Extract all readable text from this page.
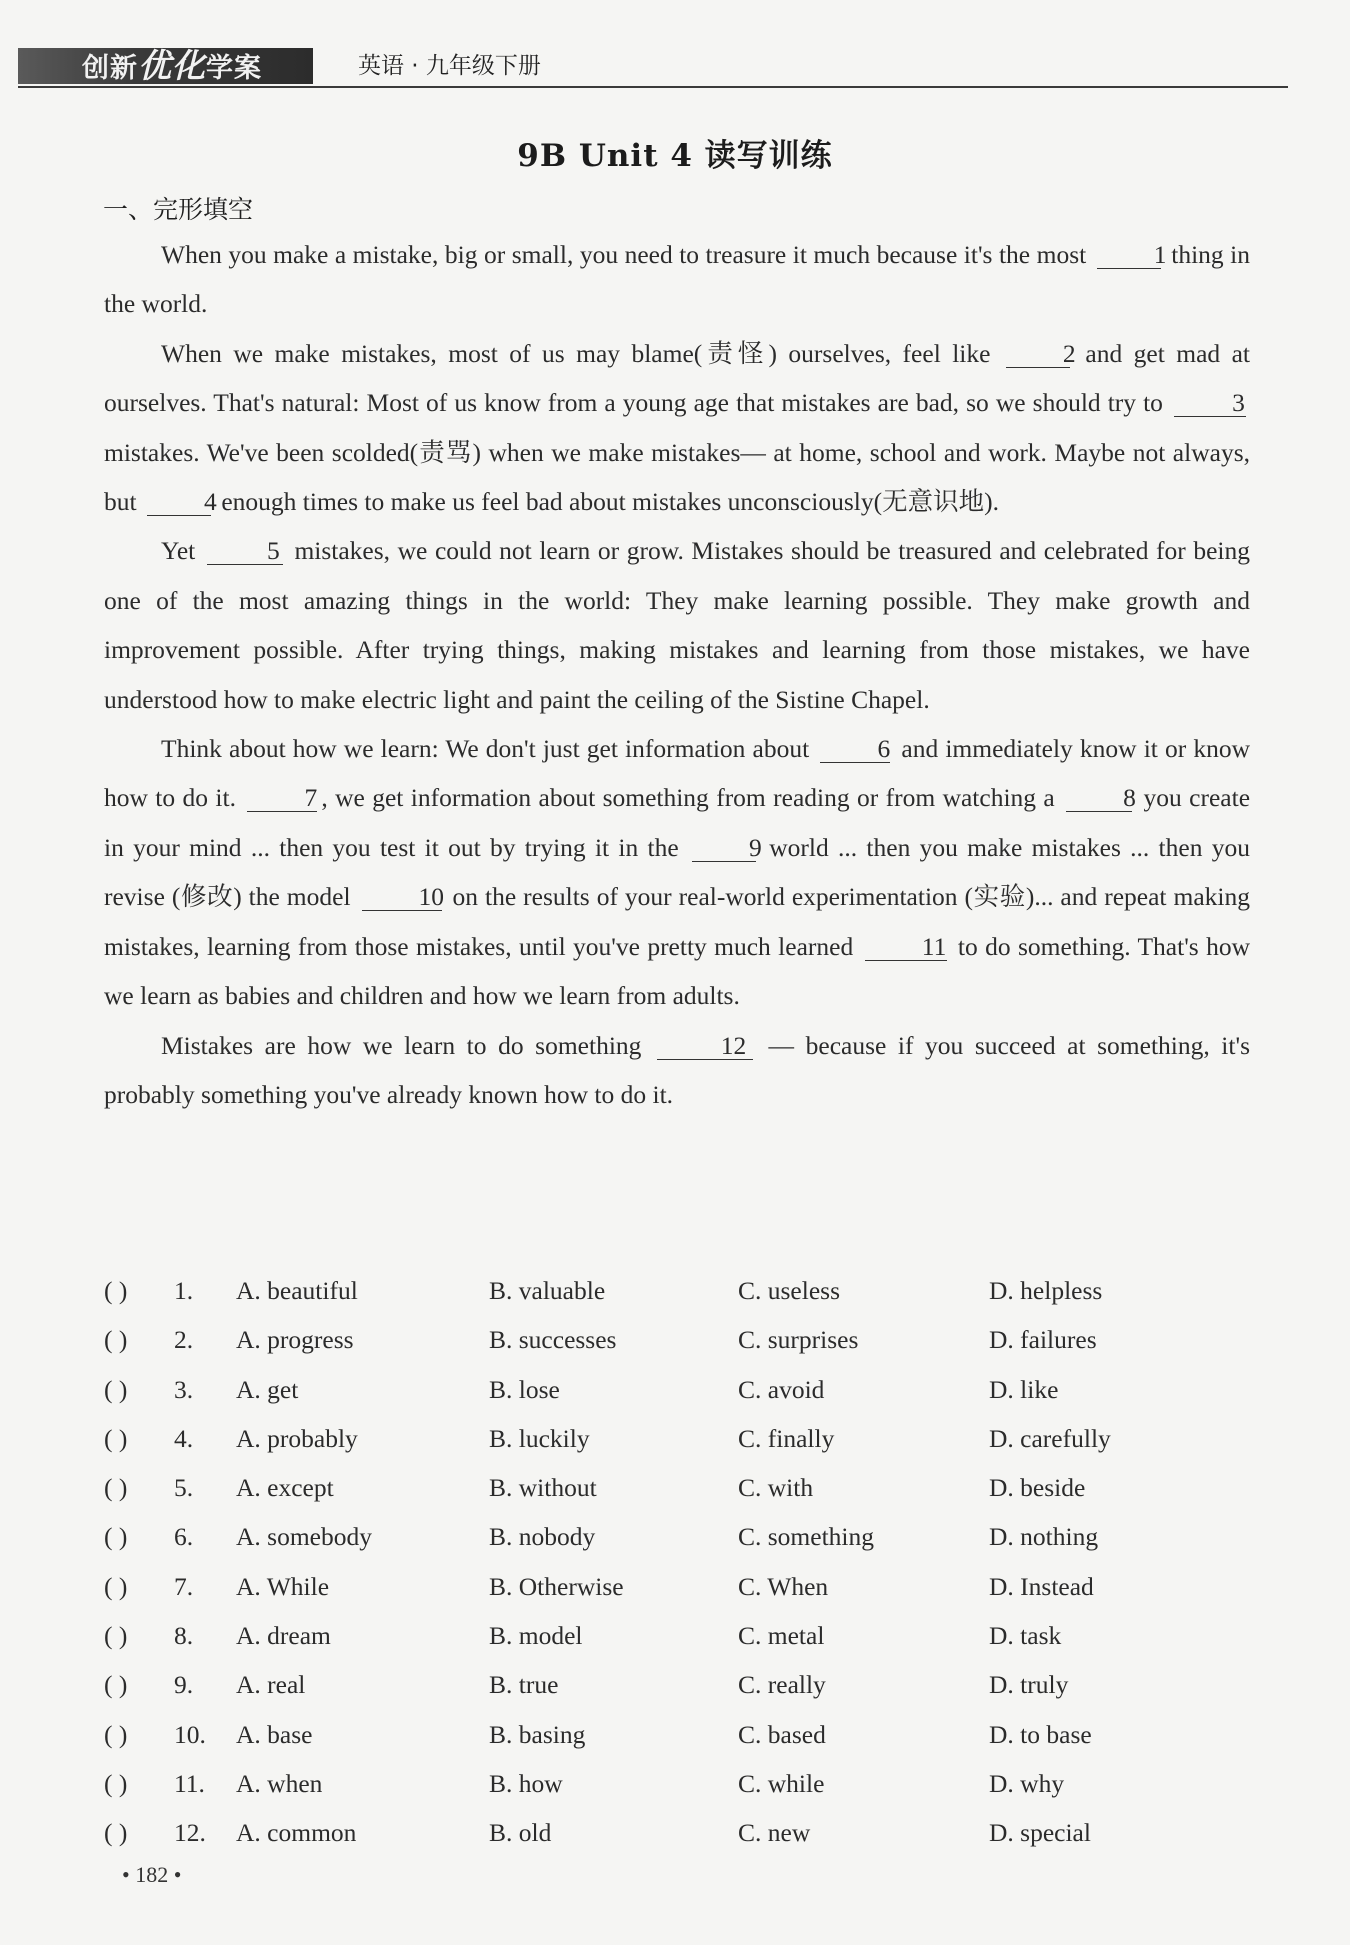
创新优化学案	英语 · 九年级下册
9B Unit 4 读写训练
一、完形填空

When you make a mistake, big or small, you need to treasure it much because it's the most 1 thing in the world.

When we make mistakes, most of us may blame(责怪) ourselves, feel like 2 and get mad at ourselves. That's natural: Most of us know from a young age that mistakes are bad, so we should try to 3 mistakes. We've been scolded(责骂) when we make mistakes— at home, school and work. Maybe not always, but 4 enough times to make us feel bad about mistakes unconsciously(无意识地).

Yet	5 mistakes, we could not learn or grow. Mistakes should be treasured and celebrated for being one of the most amazing things in the world: They make learning possible. They make growth and improvement possible. After trying things, making mistakes and learning from those mistakes, we have understood how to make electric light and paint the ceiling of the Sistine Chapel.

Think about how we learn: We don't just get information about 6 and immediately know it or know how to do it. 7 , we get information about something from reading or from watching a 8 you create in your mind ... then you test it out by trying it in the 9 world ... then you make mistakes ... then you revise (修改) the model 10 on the results of your real-world experimentation (实验)... and repeat making mistakes, learning from those mistakes, until you've pretty much learned 11 to do something. That's how we learn as babies and children and how we learn from adults.

Mistakes are how we learn to do something	12 — because if you succeed at something, it's probably something you've already known how to do it.

( ) 1. A. beautiful	B. valuable	C. useless	D. helpless
( ) 2. A. progress	B. successes	C. surprises	D. failures
( ) 3. A. get	B. lose	C. avoid	D. like
( ) 4. A. probably	B. luckily	C. finally	D. carefully
( ) 5. A. except	B. without	C. with	D. beside
( ) 6. A. somebody	B. nobody	C. something	D. nothing
( ) 7. A. While	B. Otherwise	C. When	D. Instead
( ) 8. A. dream	B. model	C. metal	D. task
( ) 9. A. real	B. true	C. really	D. truly
( ) 10. A. base	B. basing	C. based	D. to base
( ) 11. A. when	B. how	C. while	D. why
( ) 12. A. common	B. old	C. new	D. special
• 182 •
